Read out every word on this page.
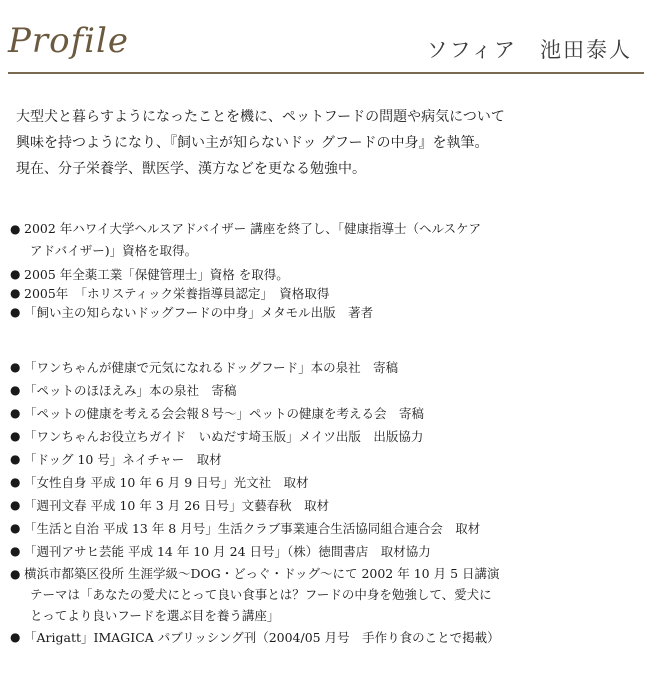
Profile	ソフィア　池田泰人

大型犬と暮らすようになったことを機に、ペットフードの問題や病気について

興味を持つようになり、『飼い主が知らないドッ グフードの中身』を執筆。

現在、分子栄養学、獣医学、漢方などを更なる勉強中。

● 2002 年ハワイ大学ヘルスアドバイザー 講座を終了し、「健康指導士（ヘルスケア
アドバイザー)」資格を取得。
● 2005 年全薬工業「保健管理士」資格 を取得。
● 2005年　「ホリスティック栄養指導員認定」　資格取得
● 「飼い主の知らないドッグフードの中身」メタモル出版　著者
● 「ワンちゃんが健康で元気になれるドッグフード」本の泉社　寄稿
● 「ペットのほほえみ」本の泉社　寄稿
● 「ペットの健康を考える会会報８号～」ペットの健康を考える会　寄稿
● 「ワンちゃんお役立ちガイド　いぬだす埼玉版」メイツ出版　出版協力
● 「ドッグ 10 号」ネイチャー　取材
● 「女性自身 平成 10 年 6 月 9 日号」光文社　取材
● 「週刊文春 平成 10 年 3 月 26 日号」文藝春秋　取材
● 「生活と自治 平成 13 年 8 月号」生活クラブ事業連合生活協同組合連合会　取材
● 「週刊アサヒ芸能 平成 14 年 10 月 24 日号」（株）徳間書店　取材協力
● 横浜市都築区役所 生涯学級～DOG・どっぐ・ドッグ～にて 2002 年 10 月 5 日講演
テーマは「あなたの愛犬にとって良い食事とは？フードの中身を勉強して、愛犬に
とってより良いフードを選ぶ目を養う講座」
● 「Arigatt」IMAGICA パブリッシング刊（2004/05 月号　手作り食のことで掲載）
